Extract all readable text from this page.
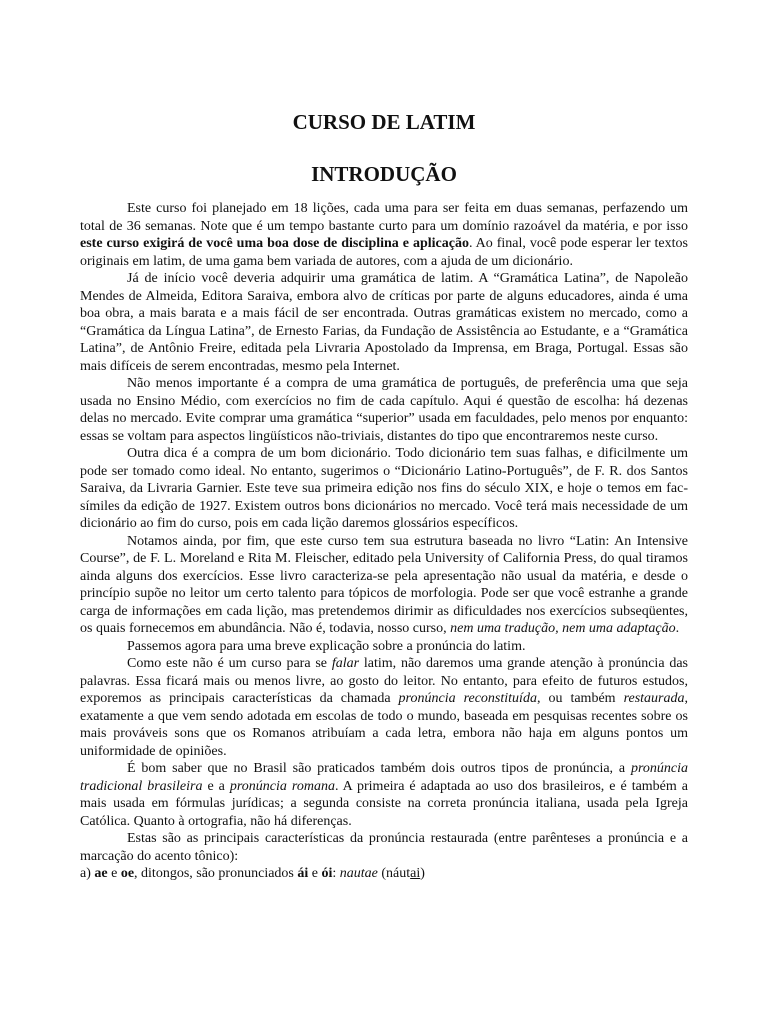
CURSO DE LATIM
INTRODUÇÃO

Este curso foi planejado em 18 lições, cada uma para ser feita em duas semanas, perfazendo um total de 36 semanas. Note que é um tempo bastante curto para um domínio razoável da matéria, e por isso este curso exigirá de você uma boa dose de disciplina e aplicação. Ao final, você pode esperar ler textos originais em latim, de uma gama bem variada de autores, com a ajuda de um dicionário.

Já de início você deveria adquirir uma gramática de latim. A “Gramática Latina”, de Napoleão Mendes de Almeida, Editora Saraiva, embora alvo de críticas por parte de alguns educadores, ainda é uma boa obra, a mais barata e a mais fácil de ser encontrada. Outras gramáticas existem no mercado, como a “Gramática da Língua Latina”, de Ernesto Farias, da Fundação de Assistência ao Estudante, e a “Gramática Latina”, de Antônio Freire, editada pela Livraria Apostolado da Imprensa, em Braga, Portugal. Essas são mais difíceis de serem encontradas, mesmo pela Internet.

Não menos importante é a compra de uma gramática de português, de preferência uma que seja usada no Ensino Médio, com exercícios no fim de cada capítulo. Aqui é questão de escolha: há dezenas delas no mercado. Evite comprar uma gramática “superior” usada em faculdades, pelo menos por enquanto: essas se voltam para aspectos lingüísticos não-triviais, distantes do tipo que encontraremos neste curso.

Outra dica é a compra de um bom dicionário. Todo dicionário tem suas falhas, e dificilmente um pode ser tomado como ideal. No entanto, sugerimos o “Dicionário Latino-Português”, de F. R. dos Santos Saraiva, da Livraria Garnier. Este teve sua primeira edição nos fins do século XIX, e hoje o temos em fac-símiles da edição de 1927. Existem outros bons dicionários no mercado. Você terá mais necessidade de um dicionário ao fim do curso, pois em cada lição daremos glossários específicos.

Notamos ainda, por fim, que este curso tem sua estrutura baseada no livro “Latin: An Intensive Course”, de F. L. Moreland e Rita M. Fleischer, editado pela University of California Press, do qual tiramos ainda alguns dos exercícios. Esse livro caracteriza-se pela apresentação não usual da matéria, e desde o princípio supõe no leitor um certo talento para tópicos de morfologia. Pode ser que você estranhe a grande carga de informações em cada lição, mas pretendemos dirimir as dificuldades nos exercícios subseqüentes, os quais fornecemos em abundância. Não é, todavia, nosso curso, nem uma tradução, nem uma adaptação.

Passemos agora para uma breve explicação sobre a pronúncia do latim.

Como este não é um curso para se falar latim, não daremos uma grande atenção à pronúncia das palavras. Essa ficará mais ou menos livre, ao gosto do leitor. No entanto, para efeito de futuros estudos, exporemos as principais características da chamada pronúncia reconstituída, ou também restaurada, exatamente a que vem sendo adotada em escolas de todo o mundo, baseada em pesquisas recentes sobre os mais prováveis sons que os Romanos atribuíam a cada letra, embora não haja em alguns pontos um uniformidade de opiniões.

É bom saber que no Brasil são praticados também dois outros tipos de pronúncia, a pronúncia tradicional brasileira e a pronúncia romana. A primeira é adaptada ao uso dos brasileiros, e é também a mais usada em fórmulas jurídicas; a segunda consiste na correta pronúncia italiana, usada pela Igreja Católica. Quanto à ortografia, não há diferenças.

Estas são as principais características da pronúncia restaurada (entre parênteses a pronúncia e a marcação do acento tônico):

a) ae e oe, ditongos, são pronunciados ái e ói: nautae (náutai)
